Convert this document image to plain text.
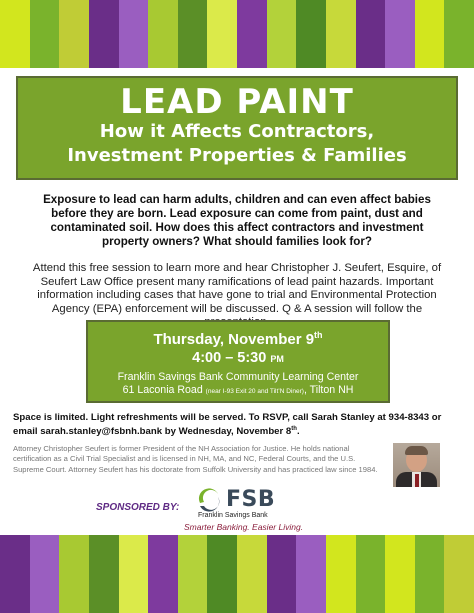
LEAD PAINT
How it Affects Contractors,
Investment Properties & Families
Exposure to lead can harm adults, children and can even affect babies before they are born. Lead exposure can come from paint, dust and contaminated soil. How does this affect contractors and investment property owners? What should families look for?
Attend this free session to learn more and hear Christopher J. Seufert, Esquire, of Seufert Law Office present many ramifications of lead paint hazards. Important information including cases that have gone to trial and Environmental Protection Agency (EPA) enforcement will be discussed. Q & A session will follow the
Thursday, November 9th
4:00 – 5:30 PM
Franklin Savings Bank Community Learning Center
61 Laconia Road (near I-93 Exit 20 and Tilt’N Diner), Tilton NH
Space is limited. Light refreshments will be served. To RSVP, call Sarah Stanley at 934-8343 or email sarah.stanley@fsbnh.bank by Wednesday, November 8th.
Attorney Christopher Seufert is former President of the NH Association for Justice. He holds national certification as a Civil Trial Specialist and is licensed in NH, MA, and NC, Federal Courts, and the U.S. Supreme Court. Attorney Seufert has his doctorate from Suffolk University and has practiced law since 1984.
SPONSORED BY: FSB
Franklin Savings Bank
Smarter Banking. Easier Living.
